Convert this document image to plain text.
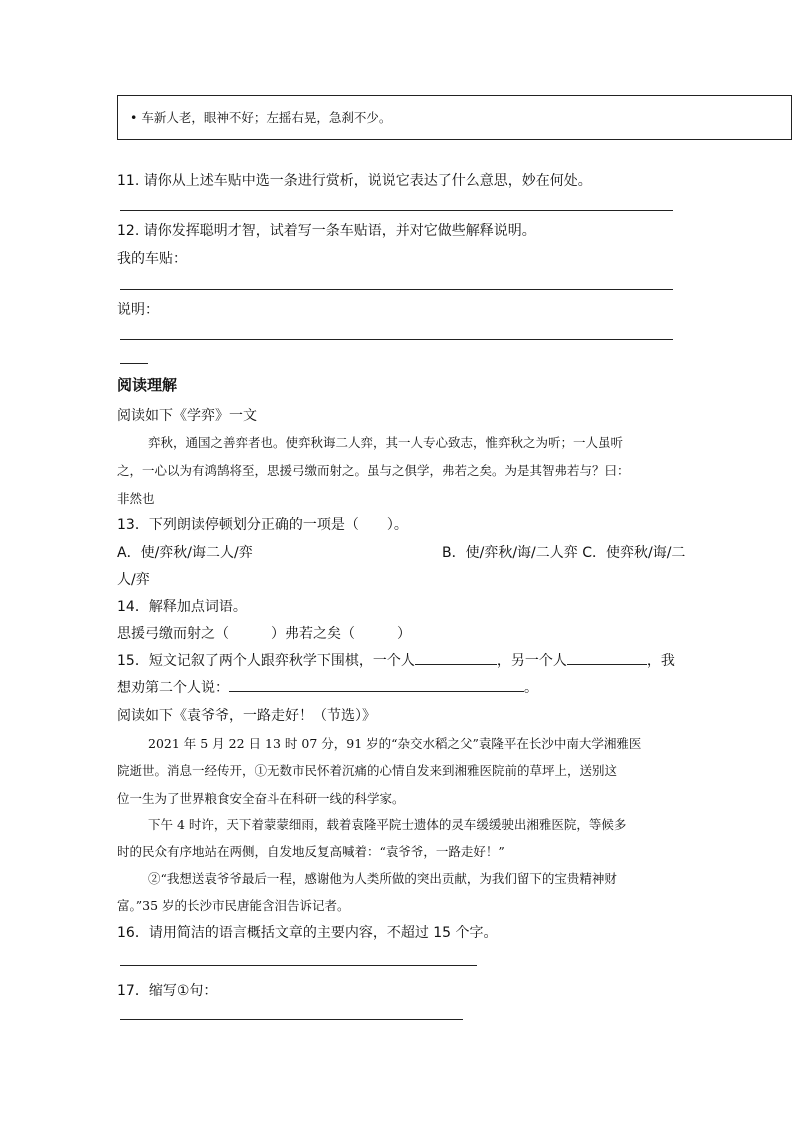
• 车新人老，眼神不好；左摇右晃，急刹不少。
11. 请你从上述车贴中选一条进行赏析，说说它表达了什么意思，妙在何处。
12. 请你发挥聪明才智，试着写一条车贴语，并对它做些解释说明。
我的车贴：
说明：
阅读理解
阅读如下《学弈》一文
弈秋，通国之善弈者也。使弈秋诲二人弈，其一人专心致志，惟弈秋之为听；一人虽听
之，一心以为有鸿鹄将至，思援弓缴而射之。虽与之俱学，弗若之矣。为是其智弗若与？曰：
非然也
13．下列朗读停顿划分正确的一项是（　　）。
A．使/弈秋/诲二人/弈	B．使/弈秋/诲/二人弈 C．使弈秋/诲/二
人/弈
14．解释加点词语。
思援弓缴而射之（　　　）弗若之矣（　　　）
15．短文记叙了两个人跟弈秋学下围棋，一个人	，另一个人	，我
想劝第二个人说：	。
阅读如下《袁爷爷，一路走好！（节选）》
2021 年 5 月 22 日 13 时 07 分，91 岁的“杂交水稻之父”袁隆平在长沙中南大学湘雅医
院逝世。消息一经传开，①无数市民怀着沉痛的心情自发来到湘雅医院前的草坪上，送别这
位一生为了世界粮食安全奋斗在科研一线的科学家。
下午 4 时许，天下着蒙蒙细雨，载着袁隆平院士遗体的灵车缓缓驶出湘雅医院，等候多
时的民众有序地站在两侧，自发地反复高喊着：“袁爷爷，一路走好！”
②“我想送袁爷爷最后一程，感谢他为人类所做的突出贡献，为我们留下的宝贵精神财
富。”35 岁的长沙市民唐能含泪告诉记者。
16．请用简洁的语言概括文章的主要内容，不超过 15 个字。
17．缩写①句：
